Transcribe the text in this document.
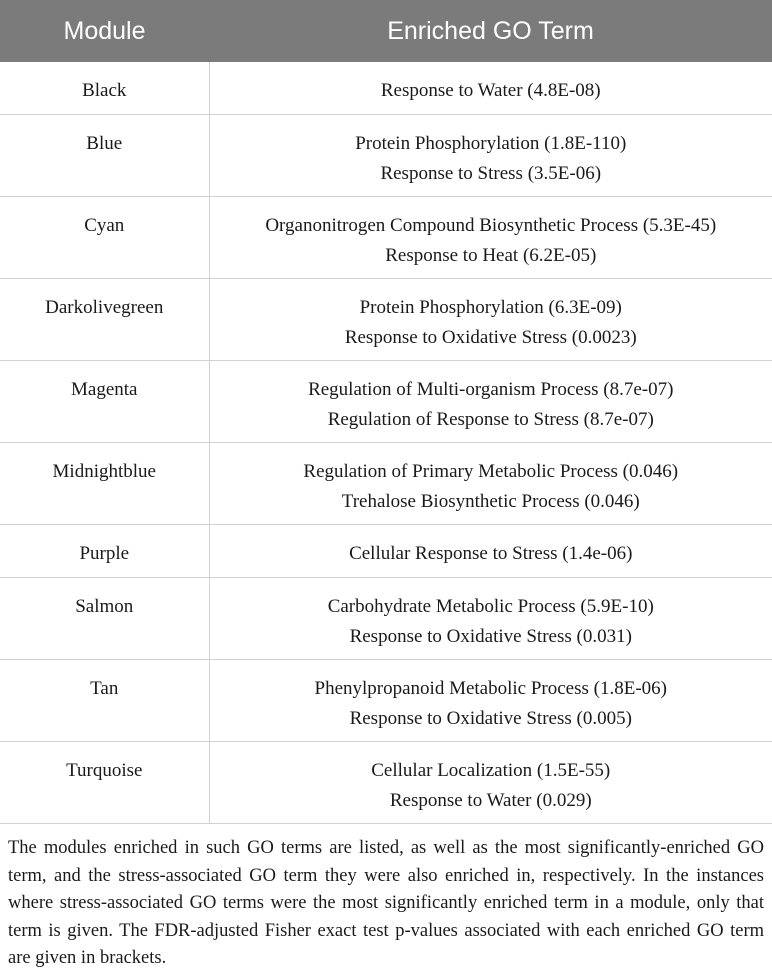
Module	Enriched GO Term

Black	Response to Water (4.8E-08)

Blue	Protein Phosphorylation (1.8E-110)
Response to Stress (3.5E-06)

Cyan	Organonitrogen Compound Biosynthetic Process (5.3E-45)
Response to Heat (6.2E-05)

Darkolivegreen	Protein Phosphorylation (6.3E-09)
Response to Oxidative Stress (0.0023)

Magenta	Regulation of Multi-organism Process (8.7e-07)
Regulation of Response to Stress (8.7e-07)

Midnightblue	Regulation of Primary Metabolic Process (0.046)
Trehalose Biosynthetic Process (0.046)

Purple	Cellular Response to Stress (1.4e-06)

Salmon	Carbohydrate Metabolic Process (5.9E-10)
Response to Oxidative Stress (0.031)

Tan	Phenylpropanoid Metabolic Process (1.8E-06)
Response to Oxidative Stress (0.005)

Turquoise	Cellular Localization (1.5E-55)
Response to Water (0.029)
The modules enriched in such GO terms are listed, as well as the most significantly-enriched GO term, and the stress-associated GO term they were also enriched in, respectively. In the instances where stress-associated GO terms were the most significantly enriched term in a module, only that term is given. The FDR-adjusted Fisher exact test p-values associated with each enriched GO term are given in brackets.
